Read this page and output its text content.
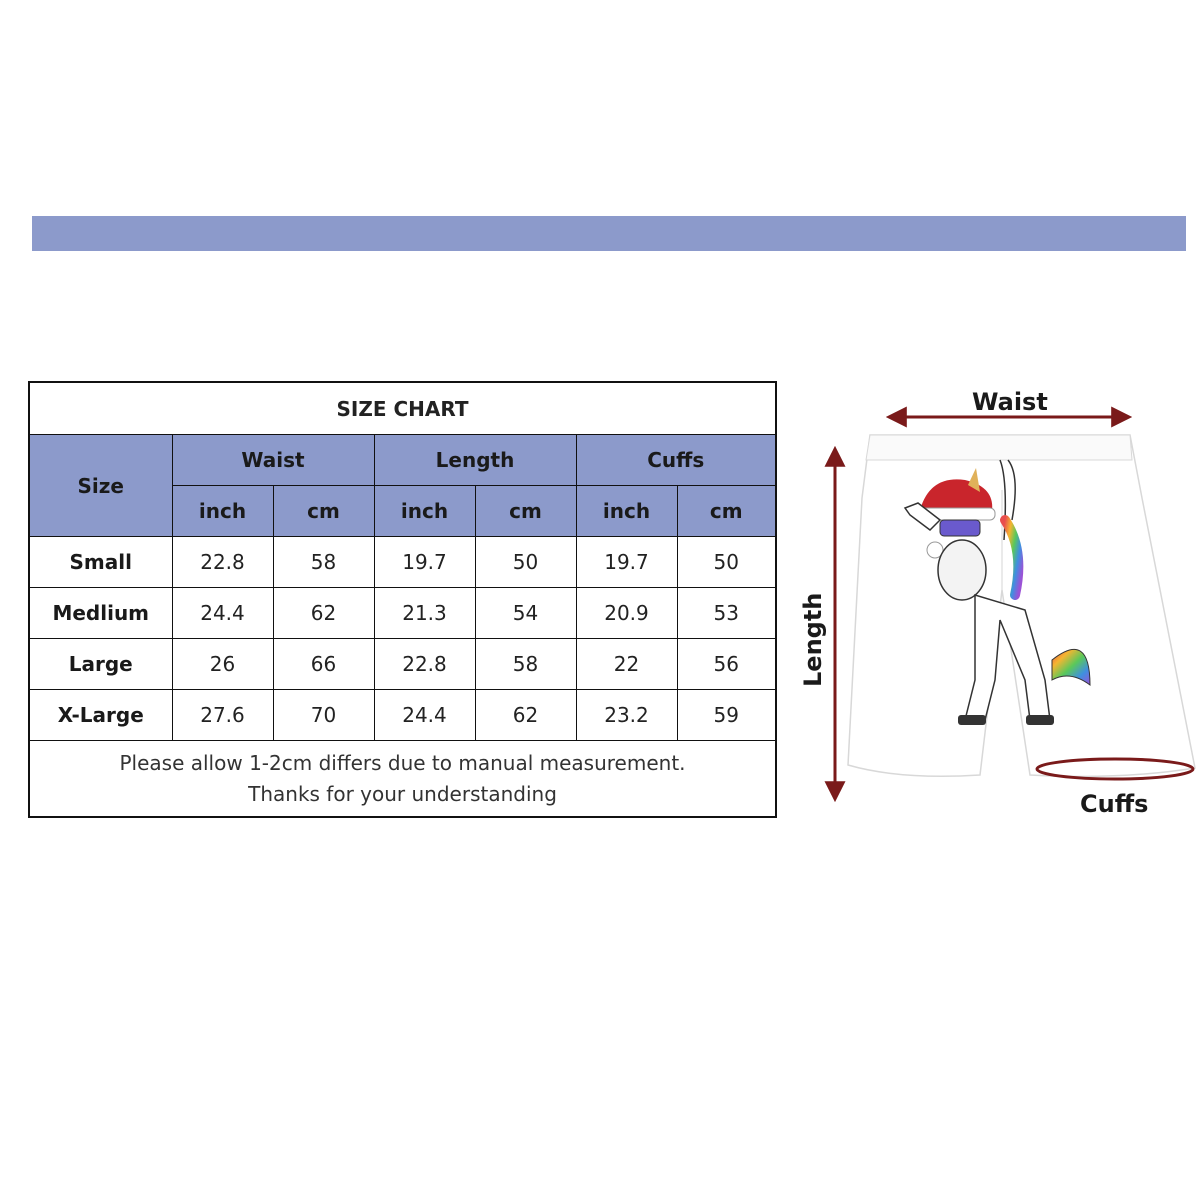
SIZE CHART						
Size	Waist		Length		Cuffs	
	inch	cm	inch	cm	inch	cm
Small	22.8	58	19.7	50	19.7	50
Medlium	24.4	62	21.3	54	20.9	53
Large	26	66	22.8	58	22	56
X-Large	27.6	70	24.4	62	23.2	59

Please allow 1-2cm differs due to manual measurement.
Thanks for your understanding						
Waist
Length
Cuffs
